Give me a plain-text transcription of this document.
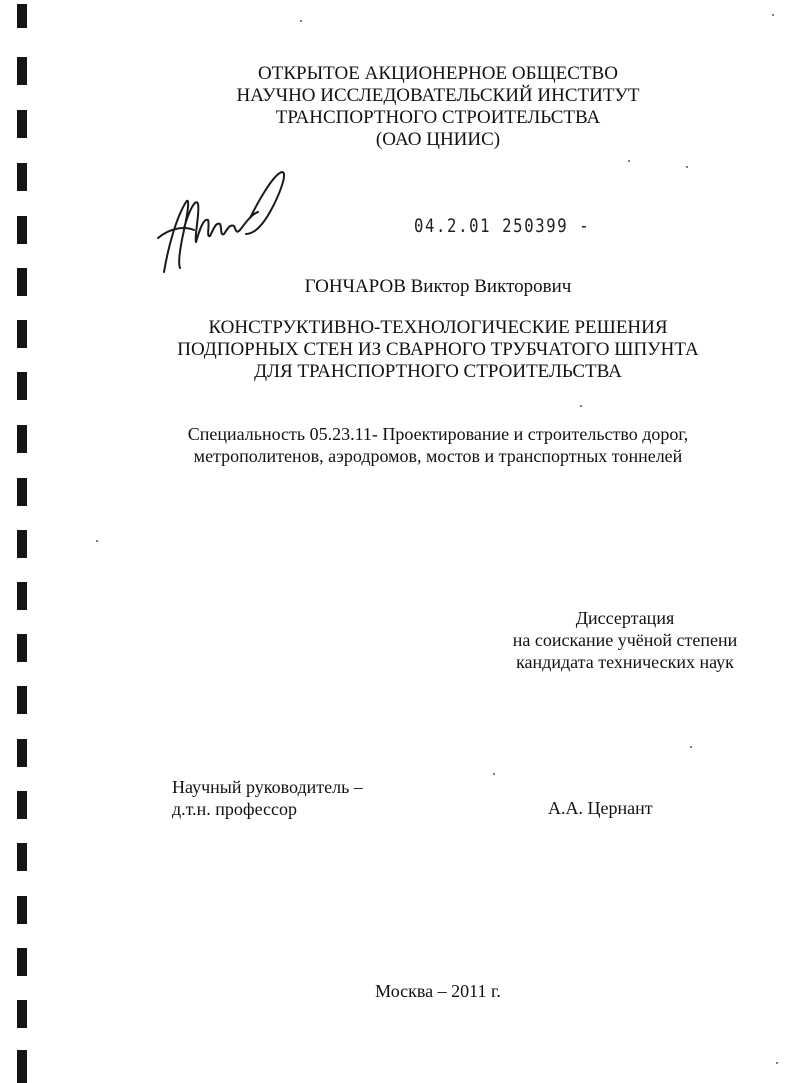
ОТКРЫТОЕ АКЦИОНЕРНОЕ ОБЩЕСТВО
НАУЧНО ИССЛЕДОВАТЕЛЬСКИЙ ИНСТИТУТ
ТРАНСПОРТНОГО СТРОИТЕЛЬСТВА
(ОАО ЦНИИС)
04.2.01 250399 -
ГОНЧАРОВ Виктор Викторович
КОНСТРУКТИВНО-ТЕХНОЛОГИЧЕСКИЕ РЕШЕНИЯ
ПОДПОРНЫХ СТЕН ИЗ СВАРНОГО ТРУБЧАТОГО ШПУНТА
ДЛЯ ТРАНСПОРТНОГО СТРОИТЕЛЬСТВА
Специальность 05.23.11- Проектирование и строительство дорог,
метрополитенов, аэродромов, мостов и транспортных тоннелей
Диссертация
на соискание учёной степени
кандидата технических наук
Научный руководитель –
д.т.н. профессор	А.А. Цернант
Москва – 2011 г.
